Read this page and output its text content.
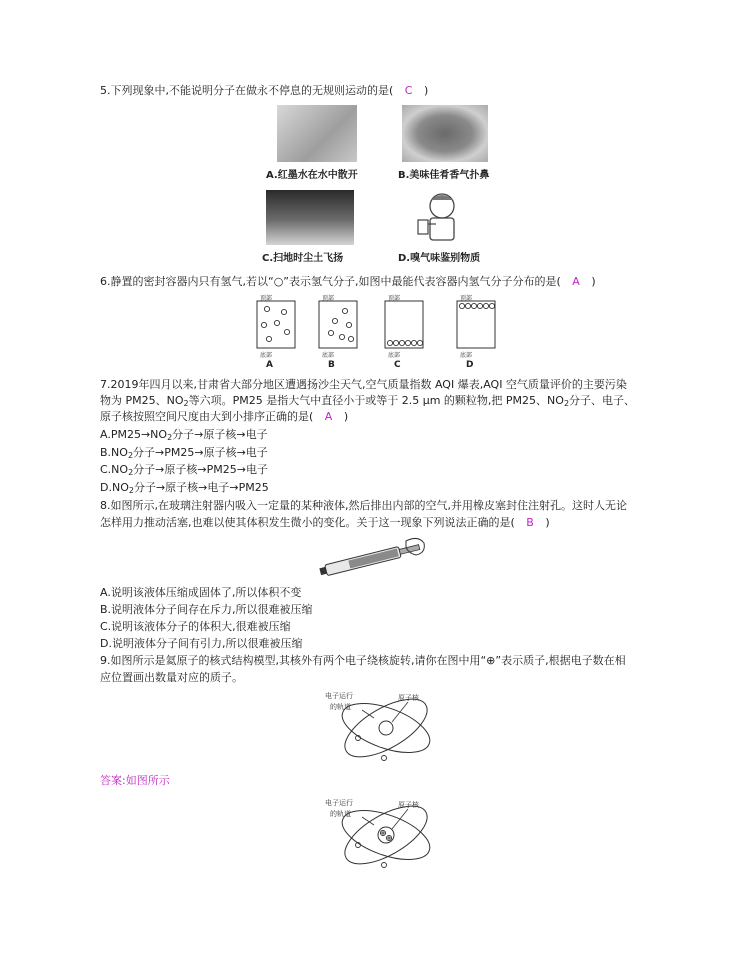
5.下列现象中,不能说明分子在做永不停息的无规则运动的是( C )
A.红墨水在水中散开	B.美味佳肴香气扑鼻
C.扫地时尘土飞扬	D.嗅气味鉴别物质
6.静置的密封容器内只有氢气,若以“○”表示氢气分子,如图中最能代表容器内氢气分子分布的是( A )
顶部	顶部	顶部	顶部
底部	底部	底部	底部
A	B	C	D
7.2019年四月以来,甘肃省大部分地区遭遇扬沙尘天气,空气质量指数 AQI 爆表,AQI 空气质量评价的主要污染
物为 PM25、$NO_2$等六项。PM25 是指大气中直径小于或等于 2.5 μm 的颗粒物,把 PM25、$NO_2$分子、电子、
原子核按照空间尺度由大到小排序正确的是( A )
$A.PM25\to NO_2$分子→原子核→电子
$B.NO_2$分子→PM25→原子核→电子
$C.NO_2$分子→原子核→PM25→电子
$D.NO_2$分子→原子核→电子→PM25
8.如图所示,在玻璃注射器内吸入一定量的某种液体,然后排出内部的空气,并用橡皮塞封住注射孔。这时人无论
怎样用力推动活塞,也难以使其体积发生微小的变化。关于这一现象下列说法正确的是( B )
A.说明该液体压缩成固体了,所以体积不变
B.说明液体分子间存在斥力,所以很难被压缩
C.说明该液体分子的体积大,很难被压缩
D.说明液体分子间有引力,所以很难被压缩
9.如图所示是氦原子的核式结构模型,其核外有两个电子绕核旋转,请你在图中用“⊕”表示质子,根据电子数在相
应位置画出数量对应的质子。
电子运行
的轨道
原子核
答案:如图所示
电子运行
的轨道
原子核
